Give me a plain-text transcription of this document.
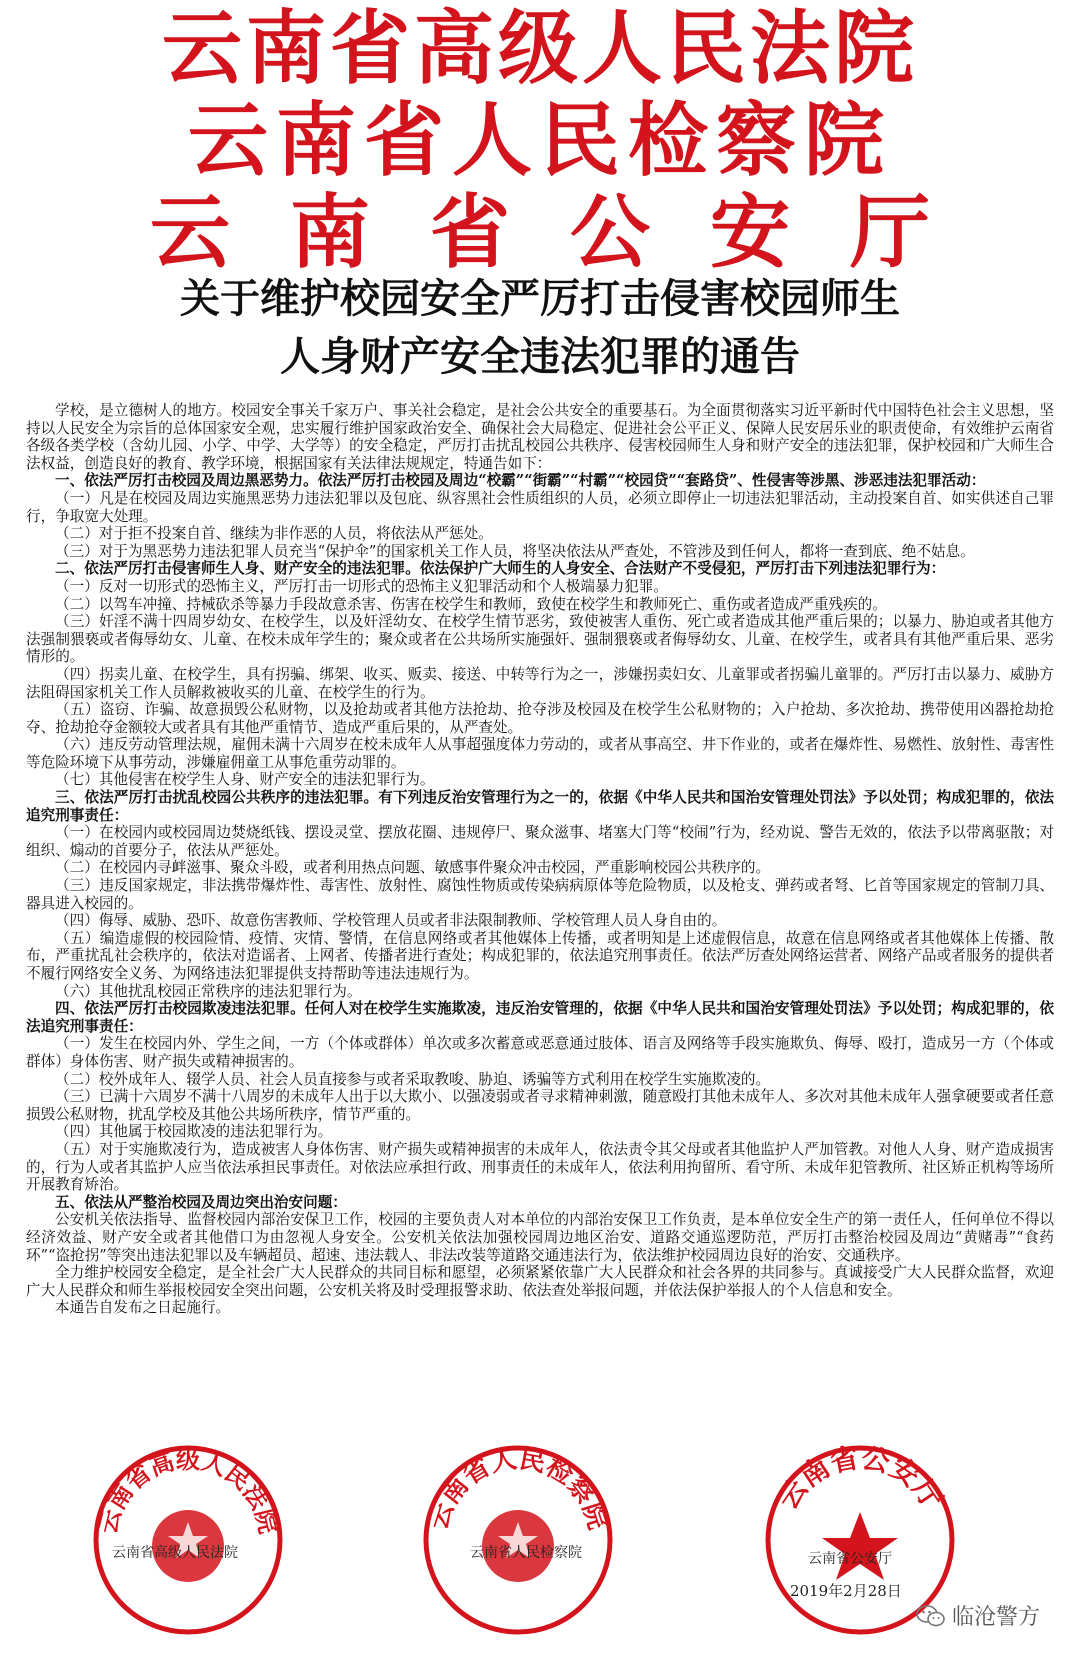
云南省高级人民法院
云南省人民检察院
云南省公安厅
关于维护校园安全严厉打击侵害校园师生
人身财产安全违法犯罪的通告

学校，是立德树人的地方。校园安全事关千家万户、事关社会稳定，是社会公共安全的重要基石。为全面贯彻落实习近平新时代中国特色社会主义思想，坚持以人民安全为宗旨的总体国家安全观，忠实履行维护国家政治安全、确保社会大局稳定、促进社会公平正义、保障人民安居乐业的职责使命，有效维护云南省各级各类学校（含幼儿园、小学、中学、大学等）的安全稳定，严厉打击扰乱校园公共秩序、侵害校园师生人身和财产安全的违法犯罪，保护校园和广大师生合法权益，创造良好的教育、教学环境，根据国家有关法律法规规定，特通告如下：

一、依法严厉打击校园及周边黑恶势力。依法严厉打击校园及周边“校霸”“街霸”“村霸”“校园贷”“套路贷”、性侵害等涉黑、涉恶违法犯罪活动：

（一）凡是在校园及周边实施黑恶势力违法犯罪以及包庇、纵容黑社会性质组织的人员，必须立即停止一切违法犯罪活动，主动投案自首、如实供述自己罪行，争取宽大处理。

（二）对于拒不投案自首、继续为非作恶的人员，将依法从严惩处。

（三）对于为黑恶势力违法犯罪人员充当“保护伞”的国家机关工作人员，将坚决依法从严查处，不管涉及到任何人，都将一查到底、绝不姑息。

二、依法严厉打击侵害师生人身、财产安全的违法犯罪。依法保护广大师生的人身安全、合法财产不受侵犯，严厉打击下列违法犯罪行为：

（一）反对一切形式的恐怖主义，严厉打击一切形式的恐怖主义犯罪活动和个人极端暴力犯罪。

（二）以驾车冲撞、持械砍杀等暴力手段故意杀害、伤害在校学生和教师，致使在校学生和教师死亡、重伤或者造成严重残疾的。

（三）奸淫不满十四周岁幼女、在校学生，以及奸淫幼女、在校学生情节恶劣，致使被害人重伤、死亡或者造成其他严重后果的；以暴力、胁迫或者其他方法强制猥亵或者侮辱幼女、儿童、在校未成年学生的；聚众或者在公共场所实施强奸、强制猥亵或者侮辱幼女、儿童、在校学生，或者具有其他严重后果、恶劣情形的。

（四）拐卖儿童、在校学生，具有拐骗、绑架、收买、贩卖、接送、中转等行为之一，涉嫌拐卖妇女、儿童罪或者拐骗儿童罪的。严厉打击以暴力、威胁方法阻碍国家机关工作人员解救被收买的儿童、在校学生的行为。

（五）盗窃、诈骗、故意损毁公私财物，以及抢劫或者其他方法抢劫、抢夺涉及校园及在校学生公私财物的；入户抢劫、多次抢劫、携带使用凶器抢劫抢夺、抢劫抢夺金额较大或者具有其他严重情节、造成严重后果的，从严查处。

（六）违反劳动管理法规，雇佣未满十六周岁在校未成年人从事超强度体力劳动的，或者从事高空、井下作业的，或者在爆炸性、易燃性、放射性、毒害性等危险环境下从事劳动，涉嫌雇佣童工从事危重劳动罪的。

（七）其他侵害在校学生人身、财产安全的违法犯罪行为。

三、依法严厉打击扰乱校园公共秩序的违法犯罪。有下列违反治安管理行为之一的，依据《中华人民共和国治安管理处罚法》予以处罚；构成犯罪的，依法追究刑事责任：

（一）在校园内或校园周边焚烧纸钱、摆设灵堂、摆放花圈、违规停尸、聚众滋事、堵塞大门等“校闹”行为，经劝说、警告无效的，依法予以带离驱散；对组织、煽动的首要分子，依法从严惩处。

（二）在校园内寻衅滋事、聚众斗殴，或者利用热点问题、敏感事件聚众冲击校园，严重影响校园公共秩序的。

（三）违反国家规定，非法携带爆炸性、毒害性、放射性、腐蚀性物质或传染病病原体等危险物质，以及枪支、弹药或者弩、匕首等国家规定的管制刀具、器具进入校园的。

（四）侮辱、威胁、恐吓、故意伤害教师、学校管理人员或者非法限制教师、学校管理人员人身自由的。

（五）编造虚假的校园险情、疫情、灾情、警情，在信息网络或者其他媒体上传播，或者明知是上述虚假信息，故意在信息网络或者其他媒体上传播、散布，严重扰乱社会秩序的，依法对造谣者、上网者、传播者进行查处；构成犯罪的，依法追究刑事责任。依法严厉查处网络运营者、网络产品或者服务的提供者不履行网络安全义务、为网络违法犯罪提供支持帮助等违法违规行为。

（六）其他扰乱校园正常秩序的违法犯罪行为。

四、依法严厉打击校园欺凌违法犯罪。任何人对在校学生实施欺凌，违反治安管理的，依据《中华人民共和国治安管理处罚法》予以处罚；构成犯罪的，依法追究刑事责任：

（一）发生在校园内外、学生之间，一方（个体或群体）单次或多次蓄意或恶意通过肢体、语言及网络等手段实施欺负、侮辱、殴打，造成另一方（个体或群体）身体伤害、财产损失或精神损害的。

（二）校外成年人、辍学人员、社会人员直接参与或者采取教唆、胁迫、诱骗等方式利用在校学生实施欺凌的。

（三）已满十六周岁不满十八周岁的未成年人出于以大欺小、以强凌弱或者寻求精神刺激，随意殴打其他未成年人、多次对其他未成年人强拿硬要或者任意损毁公私财物，扰乱学校及其他公共场所秩序，情节严重的。

（四）其他属于校园欺凌的违法犯罪行为。

（五）对于实施欺凌行为，造成被害人身体伤害、财产损失或精神损害的未成年人，依法责令其父母或者其他监护人严加管教。对他人人身、财产造成损害的，行为人或者其监护人应当依法承担民事责任。对依法应承担行政、刑事责任的未成年人，依法利用拘留所、看守所、未成年犯管教所、社区矫正机构等场所开展教育矫治。

五、依法从严整治校园及周边突出治安问题：

公安机关依法指导、监督校园内部治安保卫工作，校园的主要负责人对本单位的内部治安保卫工作负责，是本单位安全生产的第一责任人，任何单位不得以经济效益、财产安全或者其他借口为由忽视人身安全。公安机关依法加强校园周边地区治安、道路交通巡逻防范，严厉打击整治校园及周边“黄赌毒”“食药环”“盗抢拐”等突出违法犯罪以及车辆超员、超速、违法载人、非法改装等道路交通违法行为，依法维护校园周边良好的治安、交通秩序。

全力维护校园安全稳定，是全社会广大人民群众的共同目标和愿望，必须紧紧依靠广大人民群众和社会各界的共同参与。真诚接受广大人民群众监督，欢迎广大人民群众和师生举报校园安全突出问题，公安机关将及时受理报警求助、依法查处举报问题，并依法保护举报人的个人信息和安全。

本通告自发布之日起施行。

云南省高级人民法院	云南省人民检察院
云南省公安厅
云南省高级人民法院	云南省人民检察院	云南省公安厅
2019年2月28日
临沧警方
